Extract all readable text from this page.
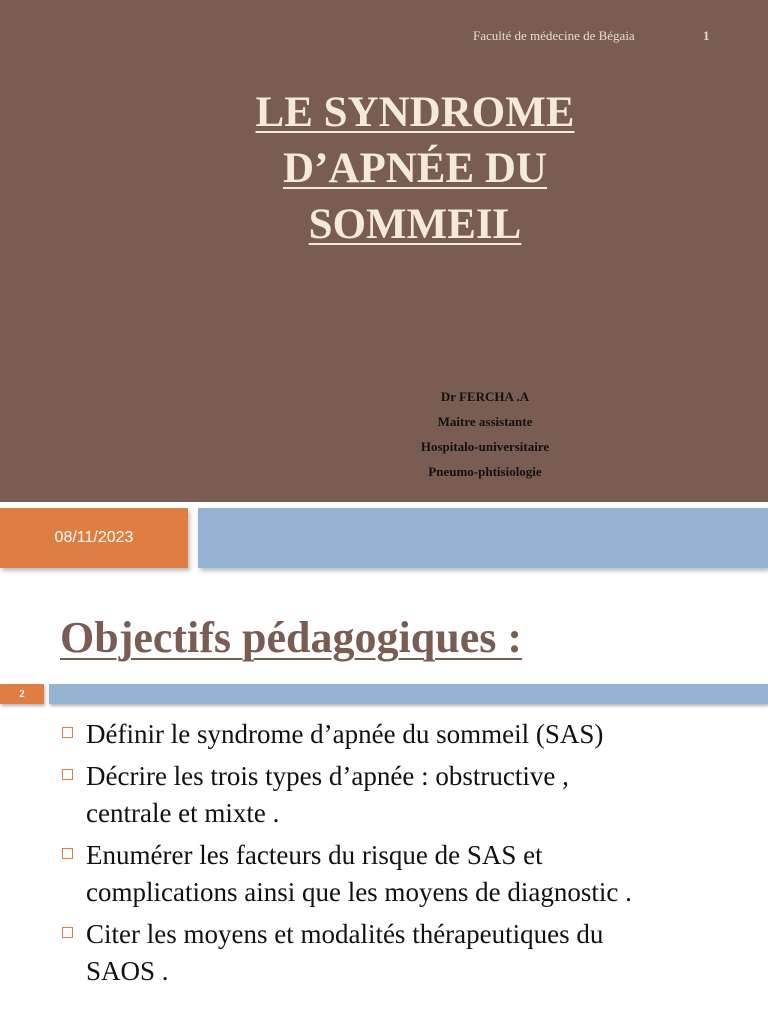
Faculté de médecine de Bégaia	1
LE SYNDROME
D’APNÉE DU
SOMMEIL
Dr FERCHA .A
Maitre assistante
Hospitalo-universitaire
Pneumo-phtisiologie
08/11/2023
Objectifs pédagogiques :
2
Définir le syndrome d’apnée du sommeil (SAS)
Décrire les trois types d’apnée : obstructive ,
centrale et mixte .
Enumérer les facteurs du risque de SAS et
complications ainsi que les moyens de diagnostic .
Citer les moyens et modalités thérapeutiques du
SAOS .
